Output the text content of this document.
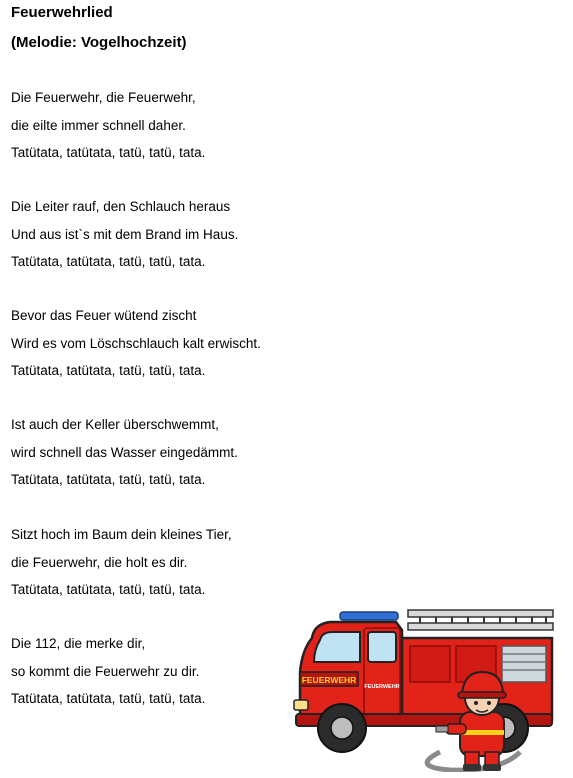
Feuerwehrlied
(Melodie: Vogelhochzeit)
Die Feuerwehr, die Feuerwehr,
die eilte immer schnell daher.
Tatütata, tatütata, tatü, tatü, tata.
Die Leiter rauf, den Schlauch heraus
Und aus ist`s mit dem Brand im Haus.
Tatütata, tatütata, tatü, tatü, tata.
Bevor das Feuer wütend zischt
Wird es vom Löschschlauch kalt erwischt.
Tatütata, tatütata, tatü, tatü, tata.
Ist auch der Keller überschwemmt,
wird schnell das Wasser eingedämmt.
Tatütata, tatütata, tatü, tatü, tata.
Sitzt hoch im Baum dein kleines Tier,
die Feuerwehr, die holt es dir.
Tatütata, tatütata, tatü, tatü, tata.
Die 112, die merke dir,
so kommt die Feuerwehr zu dir.
Tatütata, tatütata, tatü, tatü, tata.
FEUERWEHR
FEUERWEHR
